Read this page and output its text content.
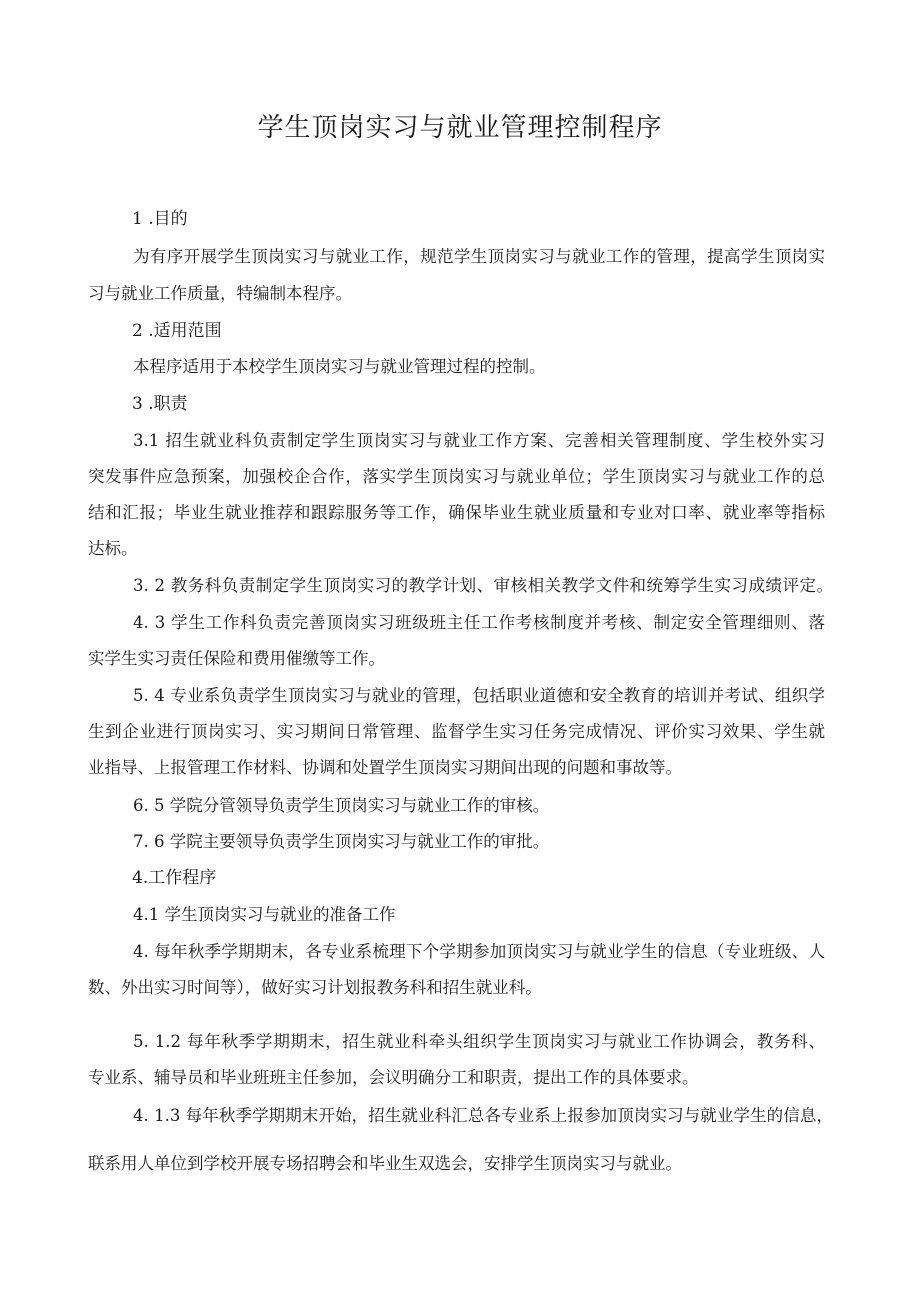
学生顶岗实习与就业管理控制程序
1 .目的
为有序开展学生顶岗实习与就业工作，规范学生顶岗实习与就业工作的管理，提高学生顶岗实
习与就业工作质量，特编制本程序。
2 .适用范围
本程序适用于本校学生顶岗实习与就业管理过程的控制。
3 .职责
3.1 招生就业科负责制定学生顶岗实习与就业工作方案、完善相关管理制度、学生校外实习
突发事件应急预案，加强校企合作，落实学生顶岗实习与就业单位；学生顶岗实习与就业工作的总
结和汇报；毕业生就业推荐和跟踪服务等工作，确保毕业生就业质量和专业对口率、就业率等指标
达标。
3. 2 教务科负责制定学生顶岗实习的教学计划、审核相关教学文件和统筹学生实习成绩评定。
4. 3 学生工作科负责完善顶岗实习班级班主任工作考核制度并考核、制定安全管理细则、落
实学生实习责任保险和费用催缴等工作。
5. 4 专业系负责学生顶岗实习与就业的管理，包括职业道德和安全教育的培训并考试、组织学
生到企业进行顶岗实习、实习期间日常管理、监督学生实习任务完成情况、评价实习效果、学生就
业指导、上报管理工作材料、协调和处置学生顶岗实习期间出现的问题和事故等。
6. 5 学院分管领导负责学生顶岗实习与就业工作的审核。
7. 6 学院主要领导负责学生顶岗实习与就业工作的审批。
4.工作程序
4.1 学生顶岗实习与就业的准备工作
4. 每年秋季学期期末，各专业系梳理下个学期参加顶岗实习与就业学生的信息（专业班级、人
数、外出实习时间等），做好实习计划报教务科和招生就业科。
5. 1.2 每年秋季学期期末，招生就业科牵头组织学生顶岗实习与就业工作协调会，教务科、
专业系、辅导员和毕业班班主任参加，会议明确分工和职责，提出工作的具体要求。
4. 1.3 每年秋季学期期末开始，招生就业科汇总各专业系上报参加顶岗实习与就业学生的信息，
联系用人单位到学校开展专场招聘会和毕业生双选会，安排学生顶岗实习与就业。
